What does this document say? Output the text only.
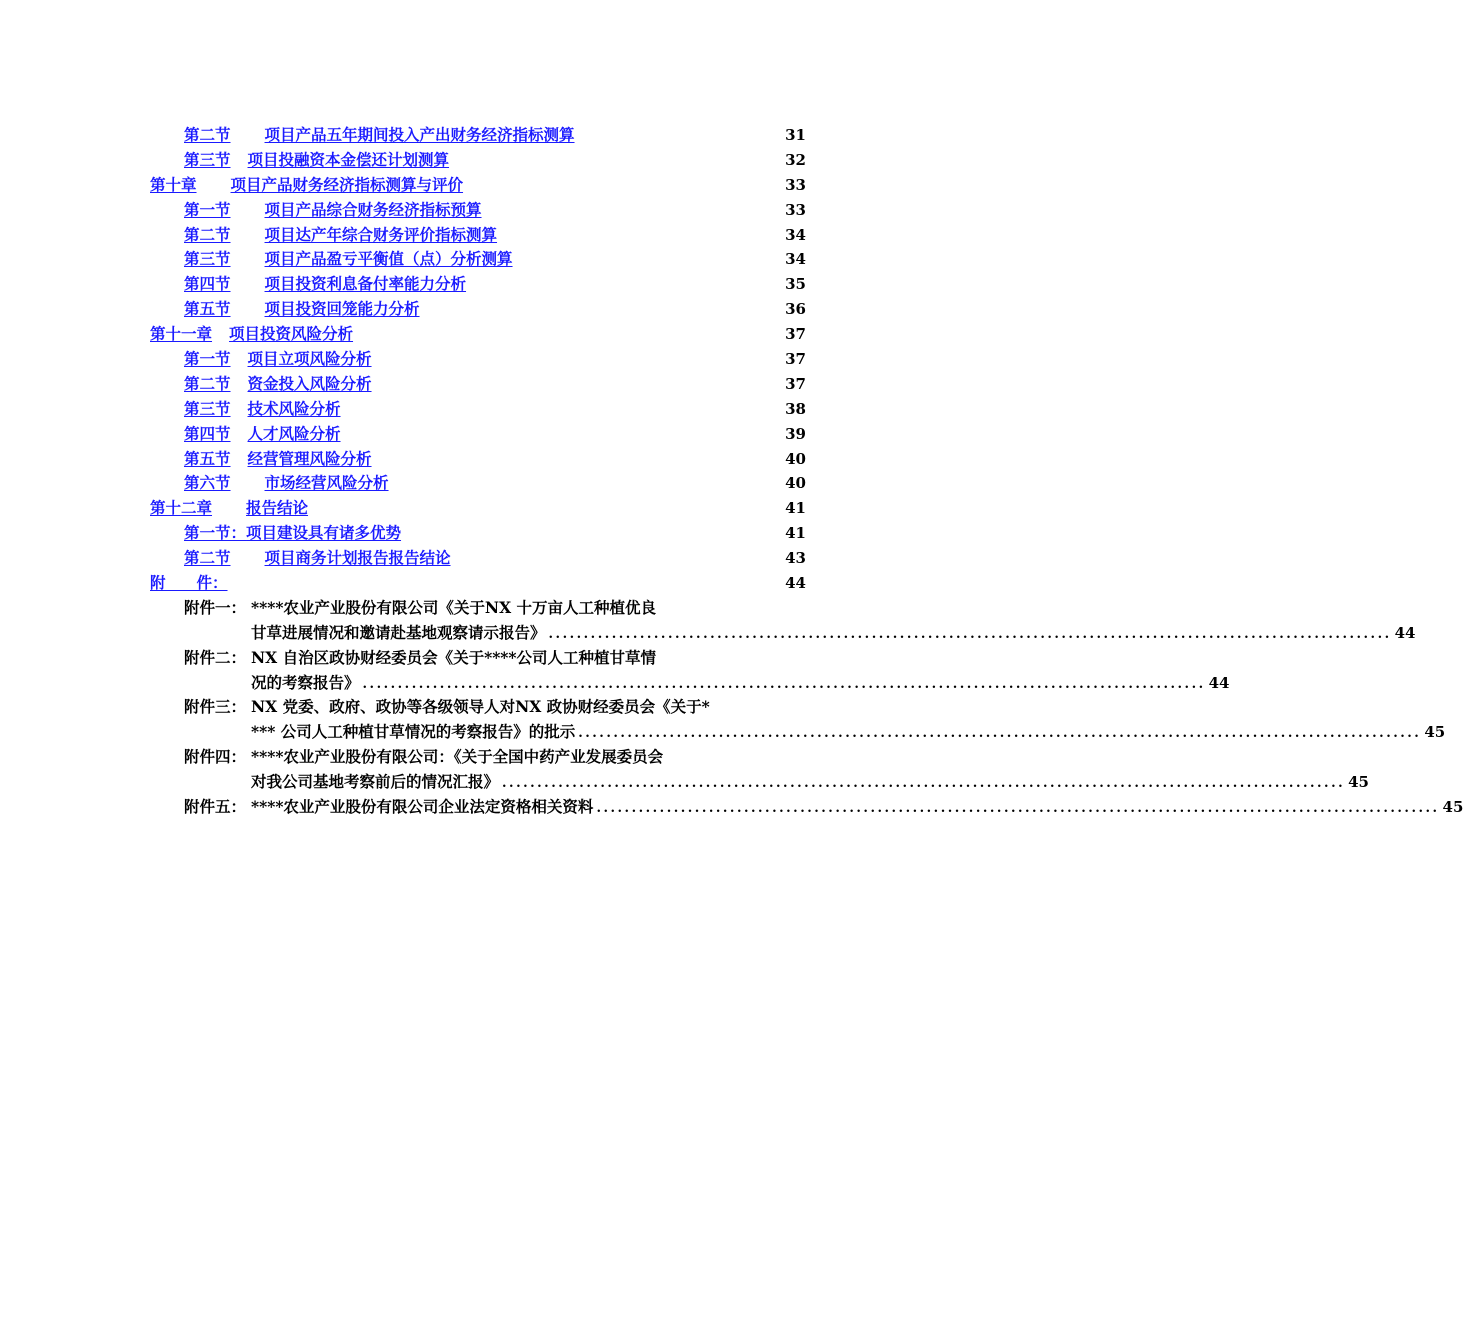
第二节 项目产品五年期间投入产出财务经济指标测算	31
第三节 项目投融资本金偿还计划测算	32
第十章 项目产品财务经济指标测算与评价	33
第一节 项目产品综合财务经济指标预算	33
第二节 项目达产年综合财务评价指标测算	34
第三节 项目产品盈亏平衡值（点）分析测算	34
第四节 项目投资利息备付率能力分析	35
第五节 项目投资回笼能力分析	36
第十一章 项目投资风险分析	37
第一节 项目立项风险分析	37
第二节 资金投入风险分析	37
第三节 技术风险分析	38
第四节 人才风险分析	39
第五节 经营管理风险分析	40
第六节 市场经营风险分析	40
第十二章 报告结论	41
第一节：项目建设具有诸多优势	41
第二节 项目商务计划报告报告结论	43
附　　件：	44
附件一： ****农业产业股份有限公司《关于NX 十万亩人工种植优良
甘草进展情况和邀请赴基地观察请示报告》 ........................................................................................................................ 44
附件二： NX 自治区政协财经委员会《关于****公司人工种植甘草情
况的考察报告》 ........................................................................................................................ 44
附件三： NX 党委、政府、政协等各级领导人对NX 政协财经委员会《关于*
*** 公司人工种植甘草情况的考察报告》的批示 ........................................................................................................................ 45
附件四： ****农业产业股份有限公司：《关于全国中药产业发展委员会
对我公司基地考察前后的情况汇报》 ........................................................................................................................ 45
附件五： ****农业产业股份有限公司企业法定资格相关资料 ........................................................................................................................ 45
